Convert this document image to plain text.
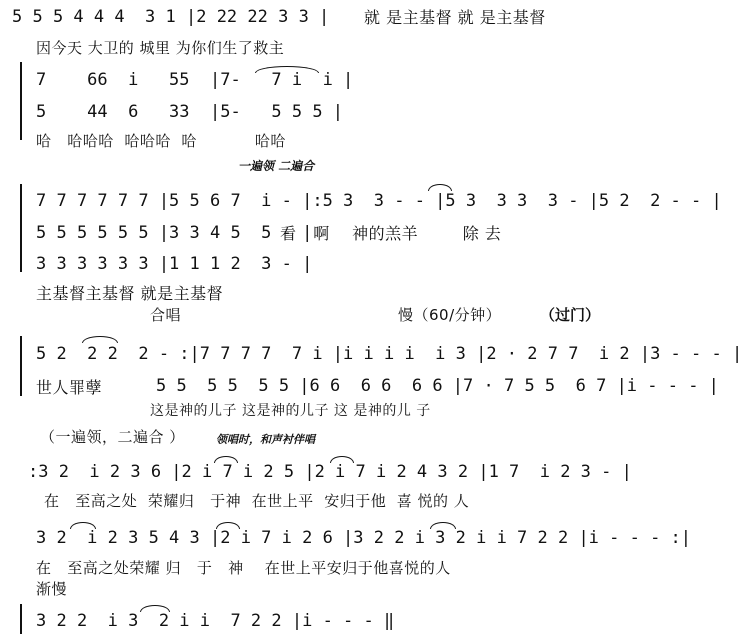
5 5 5 4 4 4  3 1 |2 22 22 3 3 | 就 是主基督 就 是主基督
因今天 大卫的 城里 为你们生了救主
7    66  i   55  |7-   7 i  i |
5    44  6   33  |5-   5 5 5 |
哈   哈哈哈  哈哈哈  哈           哈哈
一遍领 二遍合
7 7 7 7 7 7 |5 5 6 7  i - |:5 3  3 - - |5 3  3 3  3 - |5 2  2 - - |
5 5 5 5 5 5 |3 3 4 5  5 - |
看   啊    神的羔羊        除 去
3 3 3 3 3 3 |1 1 1 2  3 - |
主基督主基督 就是主基督
合唱	慢（60/分钟）	（过门）
5 2  2 2  2 - :|7 7 7 7  7 i |i i i i  i 3 |2 · 2 7 7  i 2 |3 - - - |
世人罪孽	5 5  5 5  5 5 |6 6  6 6  6 6 |7 · 7 5 5  6 7 |i - - - |
这是神的儿子 这是神的儿子 这 是神的儿 子
（一遍领，二遍合 ）	领唱时，和声衬伴唱
:3 2  i 2 3 6 |2 i 7 i 2 5 |2 i 7 i 2 4 3 2 |1 7  i 2 3 - |
在   至高之处  荣耀归   于神  在世上平  安归于他  喜 悦的 人
3 2  i 2 3 5 4 3 |2 i 7 i 2 6 |3 2 2 i 3 2 i i 7 2 2 |i - - - :|
在   至高之处荣耀 归   于   神    在世上平安归于他喜悦的人
渐慢
3 2 2  i 3  2 i i  7 2 2 |i - - - ‖
